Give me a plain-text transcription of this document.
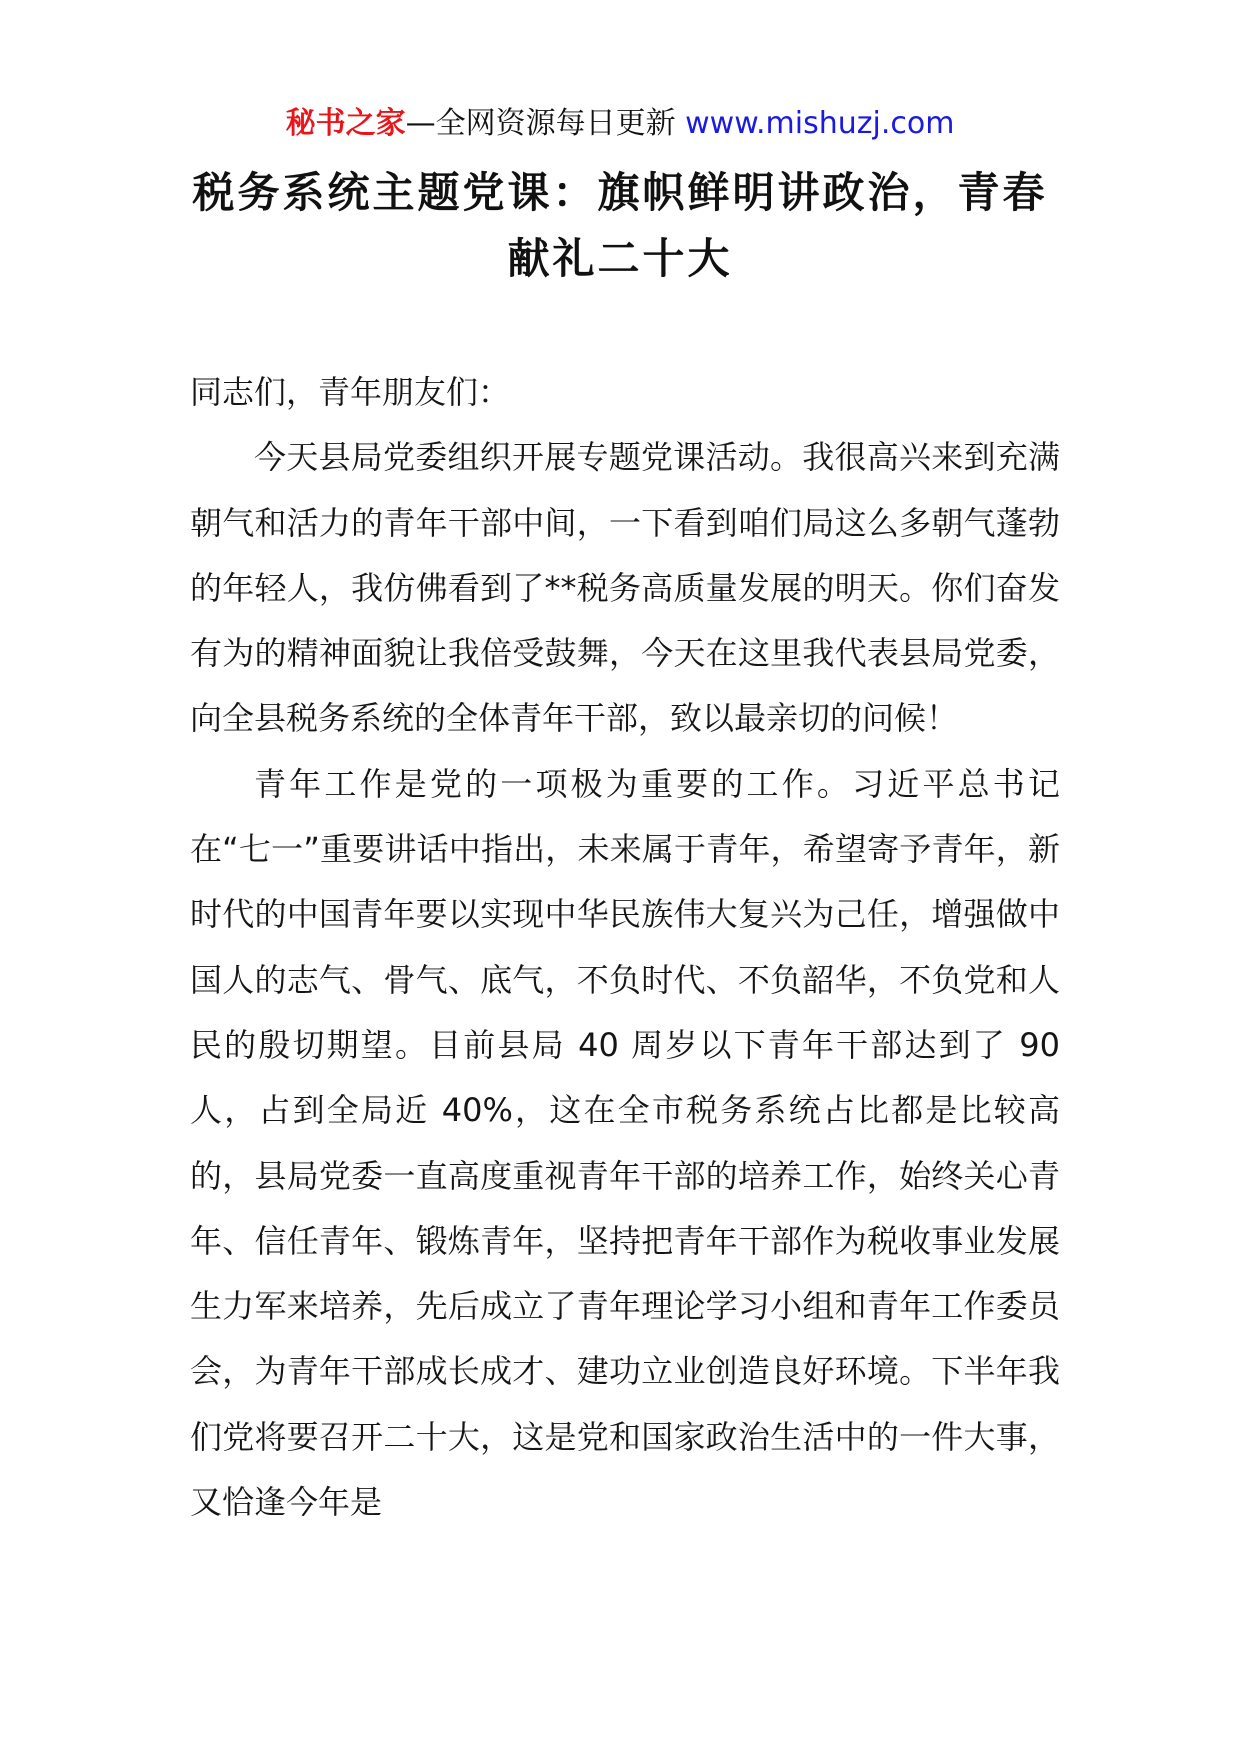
秘书之家—全网资源每日更新 www.mishuzj.com
税务系统主题党课：旗帜鲜明讲政治，青春献礼二十大

同志们，青年朋友们：

今天县局党委组织开展专题党课活动。我很高兴来到充满朝气和活力的青年干部中间，一下看到咱们局这么多朝气蓬勃的年轻人，我仿佛看到了**税务高质量发展的明天。你们奋发有为的精神面貌让我倍受鼓舞，今天在这里我代表县局党委，向全县税务系统的全体青年干部，致以最亲切的问候！

青年工作是党的一项极为重要的工作。习近平总书记在“七一”重要讲话中指出，未来属于青年，希望寄予青年，新时代的中国青年要以实现中华民族伟大复兴为己任，增强做中国人的志气、骨气、底气，不负时代、不负韶华，不负党和人民的殷切期望。目前县局 40 周岁以下青年干部达到了 90 人，占到全局近 40%，这在全市税务系统占比都是比较高的，县局党委一直高度重视青年干部的培养工作，始终关心青年、信任青年、锻炼青年，坚持把青年干部作为税收事业发展生力军来培养，先后成立了青年理论学习小组和青年工作委员会，为青年干部成长成才、建功立业创造良好环境。下半年我们党将要召开二十大，这是党和国家政治生活中的一件大事，又恰逢今年是
